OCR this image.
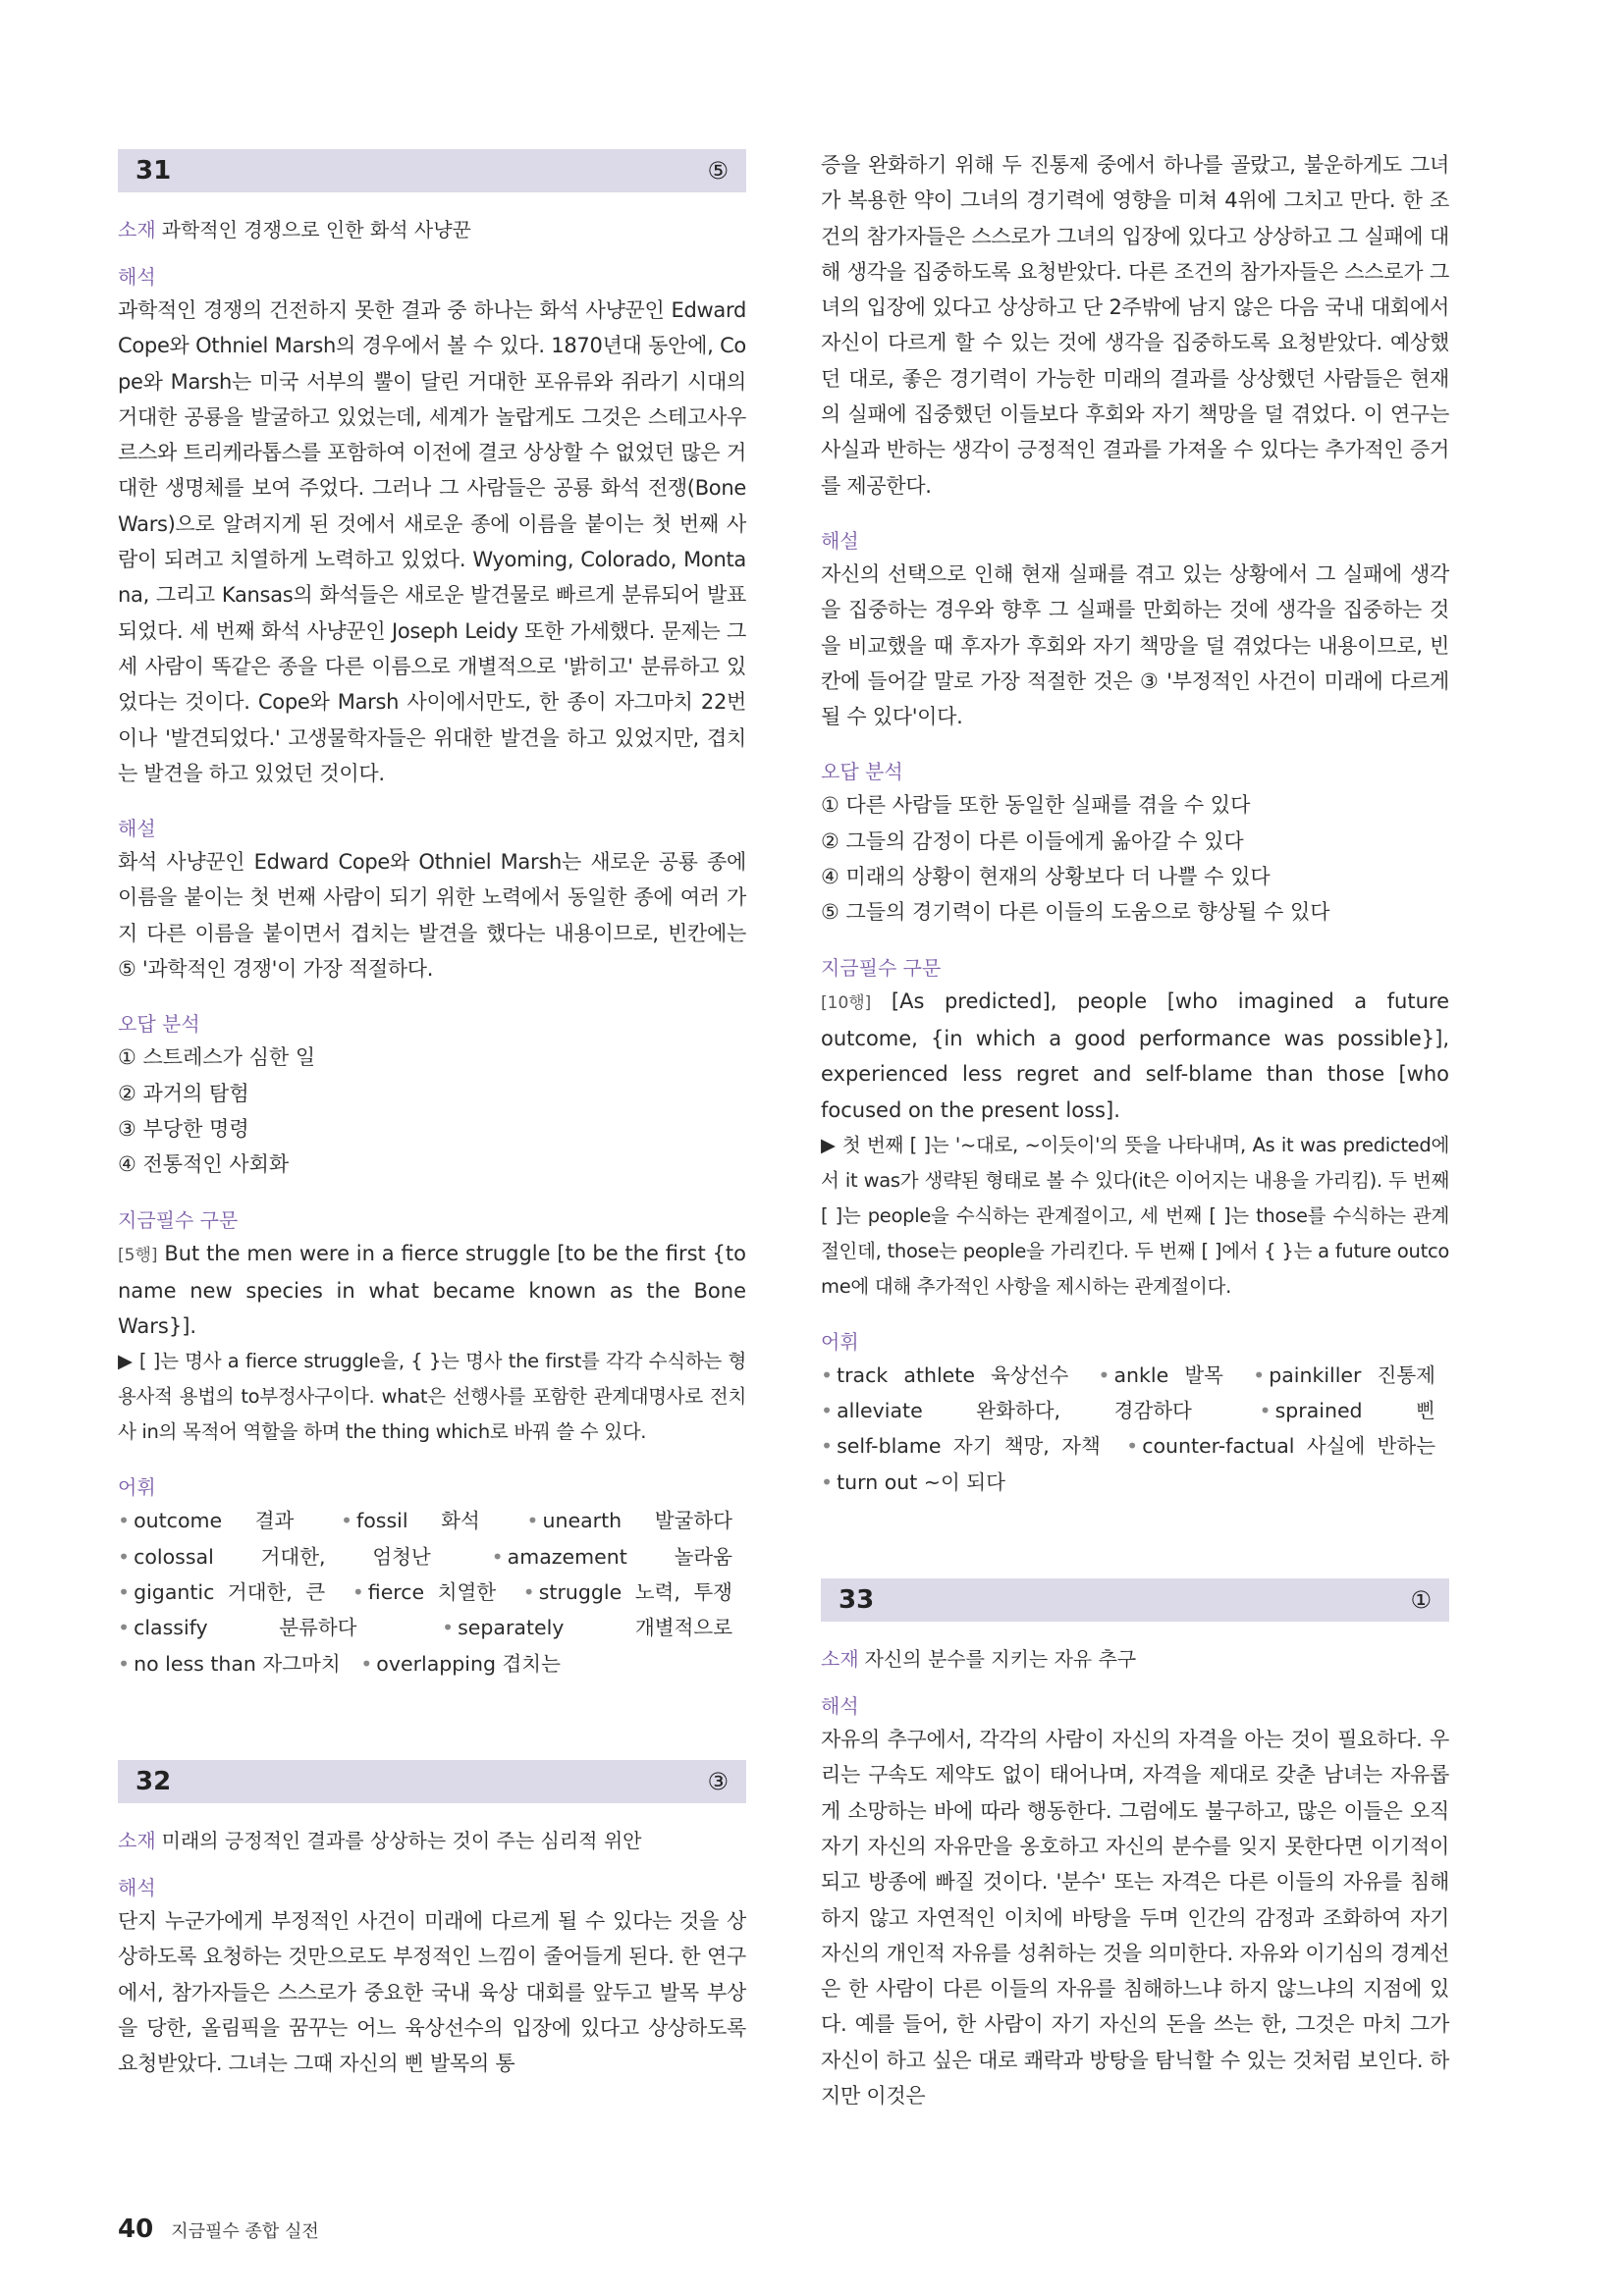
31	⑤
소재 과학적인 경쟁으로 인한 화석 사냥꾼
해석
과학적인 경쟁의 건전하지 못한 결과 중 하나는 화석 사냥꾼인 Edward Cope와 Othniel Marsh의 경우에서 볼 수 있다. 1870년대 동안에, Cope와 Marsh는 미국 서부의 뿔이 달린 거대한 포유류와 쥐라기 시대의 거대한 공룡을 발굴하고 있었는데, 세계가 놀랍게도 그것은 스테고사우르스와 트리케라톱스를 포함하여 이전에 결코 상상할 수 없었던 많은 거대한 생명체를 보여 주었다. 그러나 그 사람들은 공룡 화석 전쟁(Bone Wars)으로 알려지게 된 것에서 새로운 종에 이름을 붙이는 첫 번째 사람이 되려고 치열하게 노력하고 있었다. Wyoming, Colorado, Montana, 그리고 Kansas의 화석들은 새로운 발견물로 빠르게 분류되어 발표되었다. 세 번째 화석 사냥꾼인 Joseph Leidy 또한 가세했다. 문제는 그 세 사람이 똑같은 종을 다른 이름으로 개별적으로 '밝히고' 분류하고 있었다는 것이다. Cope와 Marsh 사이에서만도, 한 종이 자그마치 22번이나 '발견되었다.' 고생물학자들은 위대한 발견을 하고 있었지만, 겹치는 발견을 하고 있었던 것이다.
해설
화석 사냥꾼인 Edward Cope와 Othniel Marsh는 새로운 공룡 종에 이름을 붙이는 첫 번째 사람이 되기 위한 노력에서 동일한 종에 여러 가지 다른 이름을 붙이면서 겹치는 발견을 했다는 내용이므로, 빈칸에는 ⑤ '과학적인 경쟁'이 가장 적절하다.
오답 분석
① 스트레스가 심한 일
② 과거의 탐험
③ 부당한 명령
④ 전통적인 사회화
지금필수 구문
[5행] But the men were in a fierce struggle [to be the first {to name new species in what became known as the Bone Wars}].
▶ [ ]는 명사 a fierce struggle을, { }는 명사 the first를 각각 수식하는 형용사적 용법의 to부정사구이다. what은 선행사를 포함한 관계대명사로 전치사 in의 목적어 역할을 하며 the thing which로 바꿔 쓸 수 있다.
어휘
• outcome 결과 • fossil 화석 • unearth 발굴하다 • colossal 거대한, 엄청난	• amazement 놀라움 • gigantic 거대한, 큰 • fierce 치열한 • struggle 노력, 투쟁 • classify 분류하다	• separately 개별적으로 • no less than 자그마치 • overlapping 겹치는
32	③
소재 미래의 긍정적인 결과를 상상하는 것이 주는 심리적 위안
해석
단지 누군가에게 부정적인 사건이 미래에 다르게 될 수 있다는 것을 상상하도록 요청하는 것만으로도 부정적인 느낌이 줄어들게 된다. 한 연구에서, 참가자들은 스스로가 중요한 국내 육상 대회를 앞두고 발목 부상을 당한, 올림픽을 꿈꾸는 어느 육상선수의 입장에 있다고 상상하도록 요청받았다. 그녀는 그때 자신의 삔 발목의 통
증을 완화하기 위해 두 진통제 중에서 하나를 골랐고, 불운하게도 그녀가 복용한 약이 그녀의 경기력에 영향을 미쳐 4위에 그치고 만다. 한 조건의 참가자들은 스스로가 그녀의 입장에 있다고 상상하고 그 실패에 대해 생각을 집중하도록 요청받았다. 다른 조건의 참가자들은 스스로가 그녀의 입장에 있다고 상상하고 단 2주밖에 남지 않은 다음 국내 대회에서 자신이 다르게 할 수 있는 것에 생각을 집중하도록 요청받았다. 예상했던 대로, 좋은 경기력이 가능한 미래의 결과를 상상했던 사람들은 현재의 실패에 집중했던 이들보다 후회와 자기 책망을 덜 겪었다. 이 연구는 사실과 반하는 생각이 긍정적인 결과를 가져올 수 있다는 추가적인 증거를 제공한다.
해설
자신의 선택으로 인해 현재 실패를 겪고 있는 상황에서 그 실패에 생각을 집중하는 경우와 향후 그 실패를 만회하는 것에 생각을 집중하는 것을 비교했을 때 후자가 후회와 자기 책망을 덜 겪었다는 내용이므로, 빈칸에 들어갈 말로 가장 적절한 것은 ③ '부정적인 사건이 미래에 다르게 될 수 있다'이다.
오답 분석
① 다른 사람들 또한 동일한 실패를 겪을 수 있다
② 그들의 감정이 다른 이들에게 옮아갈 수 있다
④ 미래의 상황이 현재의 상황보다 더 나쁠 수 있다
⑤ 그들의 경기력이 다른 이들의 도움으로 향상될 수 있다
지금필수 구문
[10행] [As predicted], people [who imagined a future outcome, {in which a good performance was possible}], experienced less regret and self-blame than those [who focused on the present loss].
▶ 첫 번째 [ ]는 '~대로, ~이듯이'의 뜻을 나타내며, As it was predicted에서 it was가 생략된 형태로 볼 수 있다(it은 이어지는 내용을 가리킴). 두 번째 [ ]는 people을 수식하는 관계절이고, 세 번째 [ ]는 those를 수식하는 관계절인데, those는 people을 가리킨다. 두 번째 [ ]에서 { }는 a future outcome에 대해 추가적인 사항을 제시하는 관계절이다.
어휘
• track athlete 육상선수 • ankle 발목 • painkiller 진통제 • alleviate 완화하다, 경감하다	• sprained 삔 • self-blame 자기 책망, 자책 • counter-factual 사실에 반하는 • turn out ~이 되다
33	①
소재 자신의 분수를 지키는 자유 추구
해석
자유의 추구에서, 각각의 사람이 자신의 자격을 아는 것이 필요하다. 우리는 구속도 제약도 없이 태어나며, 자격을 제대로 갖춘 남녀는 자유롭게 소망하는 바에 따라 행동한다. 그럼에도 불구하고, 많은 이들은 오직 자기 자신의 자유만을 옹호하고 자신의 분수를 잊지 못한다면 이기적이 되고 방종에 빠질 것이다. '분수' 또는 자격은 다른 이들의 자유를 침해하지 않고 자연적인 이치에 바탕을 두며 인간의 감정과 조화하여 자기 자신의 개인적 자유를 성취하는 것을 의미한다. 자유와 이기심의 경계선은 한 사람이 다른 이들의 자유를 침해하느냐 하지 않느냐의 지점에 있다. 예를 들어, 한 사람이 자기 자신의 돈을 쓰는 한, 그것은 마치 그가 자신이 하고 싶은 대로 쾌락과 방탕을 탐닉할 수 있는 것처럼 보인다. 하지만 이것은
40 지금필수 종합 실전
